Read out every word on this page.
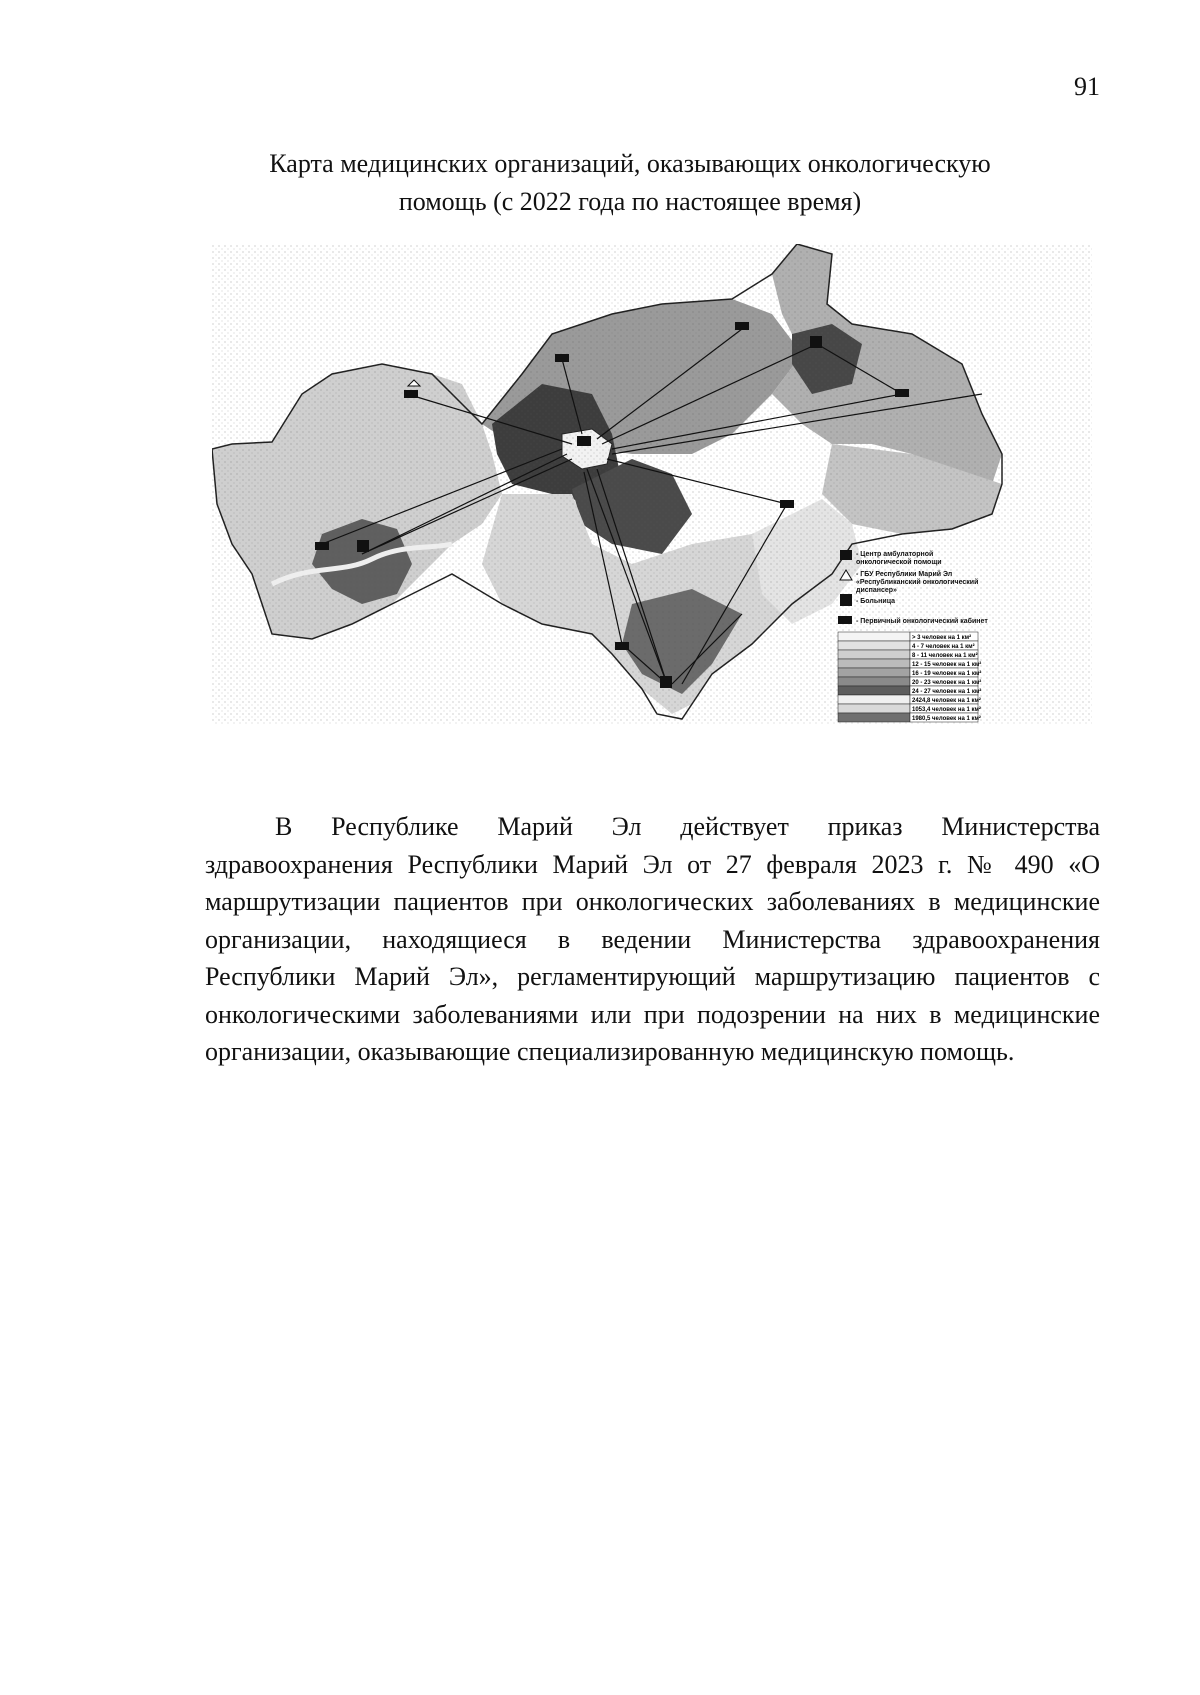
91
Карта медицинских организаций, оказывающих онкологическую
помощь (с 2022 года по настоящее время)
- Центр амбулаторной
онкологической помощи
- ГБУ Республики Марий Эл
«Республиканский онкологический
диспансер»
- Больница
- Первичный онкологический кабинет
> 3 человек на 1 км²
4 - 7 человек на 1 км²
8 - 11 человек на 1 км²
12 - 15 человек на 1 км²
16 - 19 человек на 1 км²
20 - 23 человек на 1 км²
24 - 27 человек на 1 км²
2424,8 человек на 1 км²
1053,4 человек на 1 км²
1980,5 человек на 1 км²
В Республике Марий Эл действует приказ Министерства здравоохранения Республики Марий Эл от 27 февраля 2023 г. № 490 «О маршрутизации пациентов при онкологических заболеваниях в медицинские организации, находящиеся в ведении Министерства здравоохранения Республики Марий Эл», регламентирующий маршрутизацию пациентов с онкологическими заболеваниями или при подозрении на них в медицинские организации, оказывающие специализированную медицинскую помощь.
